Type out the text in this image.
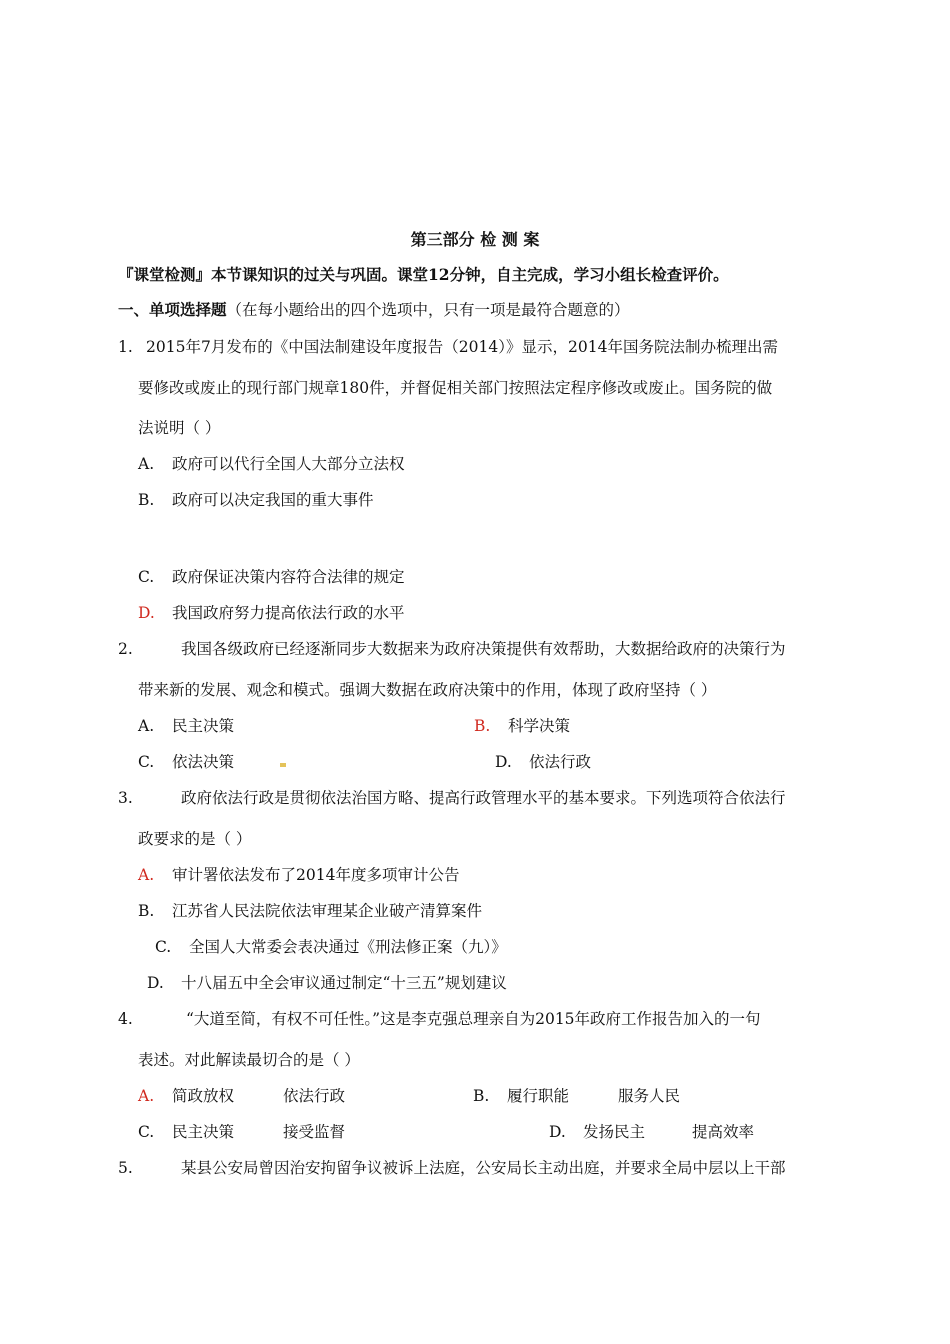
第三部分 检 测 案
『课堂检测』本节课知识的过关与巩固。课堂12分钟，自主完成，学习小组长检查评价。
一、单项选择题（在每小题给出的四个选项中，只有一项是最符合题意的）
1. 2015年7月发布的《中国法制建设年度报告（2014）》显示，2014年国务院法制办梳理出需
要修改或废止的现行部门规章180件，并督促相关部门按照法定程序修改或废止。国务院的做
法说明（ ）
A. 政府可以代行全国人大部分立法权
B. 政府可以决定我国的重大事件
C. 政府保证决策内容符合法律的规定
D. 我国政府努力提高依法行政的水平
2.	我国各级政府已经逐渐同步大数据来为政府决策提供有效帮助，大数据给政府的决策行为
带来新的发展、观念和模式。强调大数据在政府决策中的作用，体现了政府坚持（ ）
A. 民主决策	B. 科学决策
C. 依法决策	D. 依法行政
3.	政府依法行政是贯彻依法治国方略、提高行政管理水平的基本要求。下列选项符合依法行
政要求的是（ ）
A. 审计署依法发布了2014年度多项审计公告
B. 江苏省人民法院依法审理某企业破产清算案件
C. 全国人大常委会表决通过《刑法修正案（九）》
D. 十八届五中全会审议通过制定“十三五”规划建议
4.	“大道至简，有权不可任性。”这是李克强总理亲自为2015年政府工作报告加入的一句
表述。对此解读最切合的是（ ）
A. 简政放权	依法行政	B. 履行职能	服务人民
C. 民主决策	接受监督	D. 发扬民主	提高效率
5.	某县公安局曾因治安拘留争议被诉上法庭，公安局长主动出庭，并要求全局中层以上干部
